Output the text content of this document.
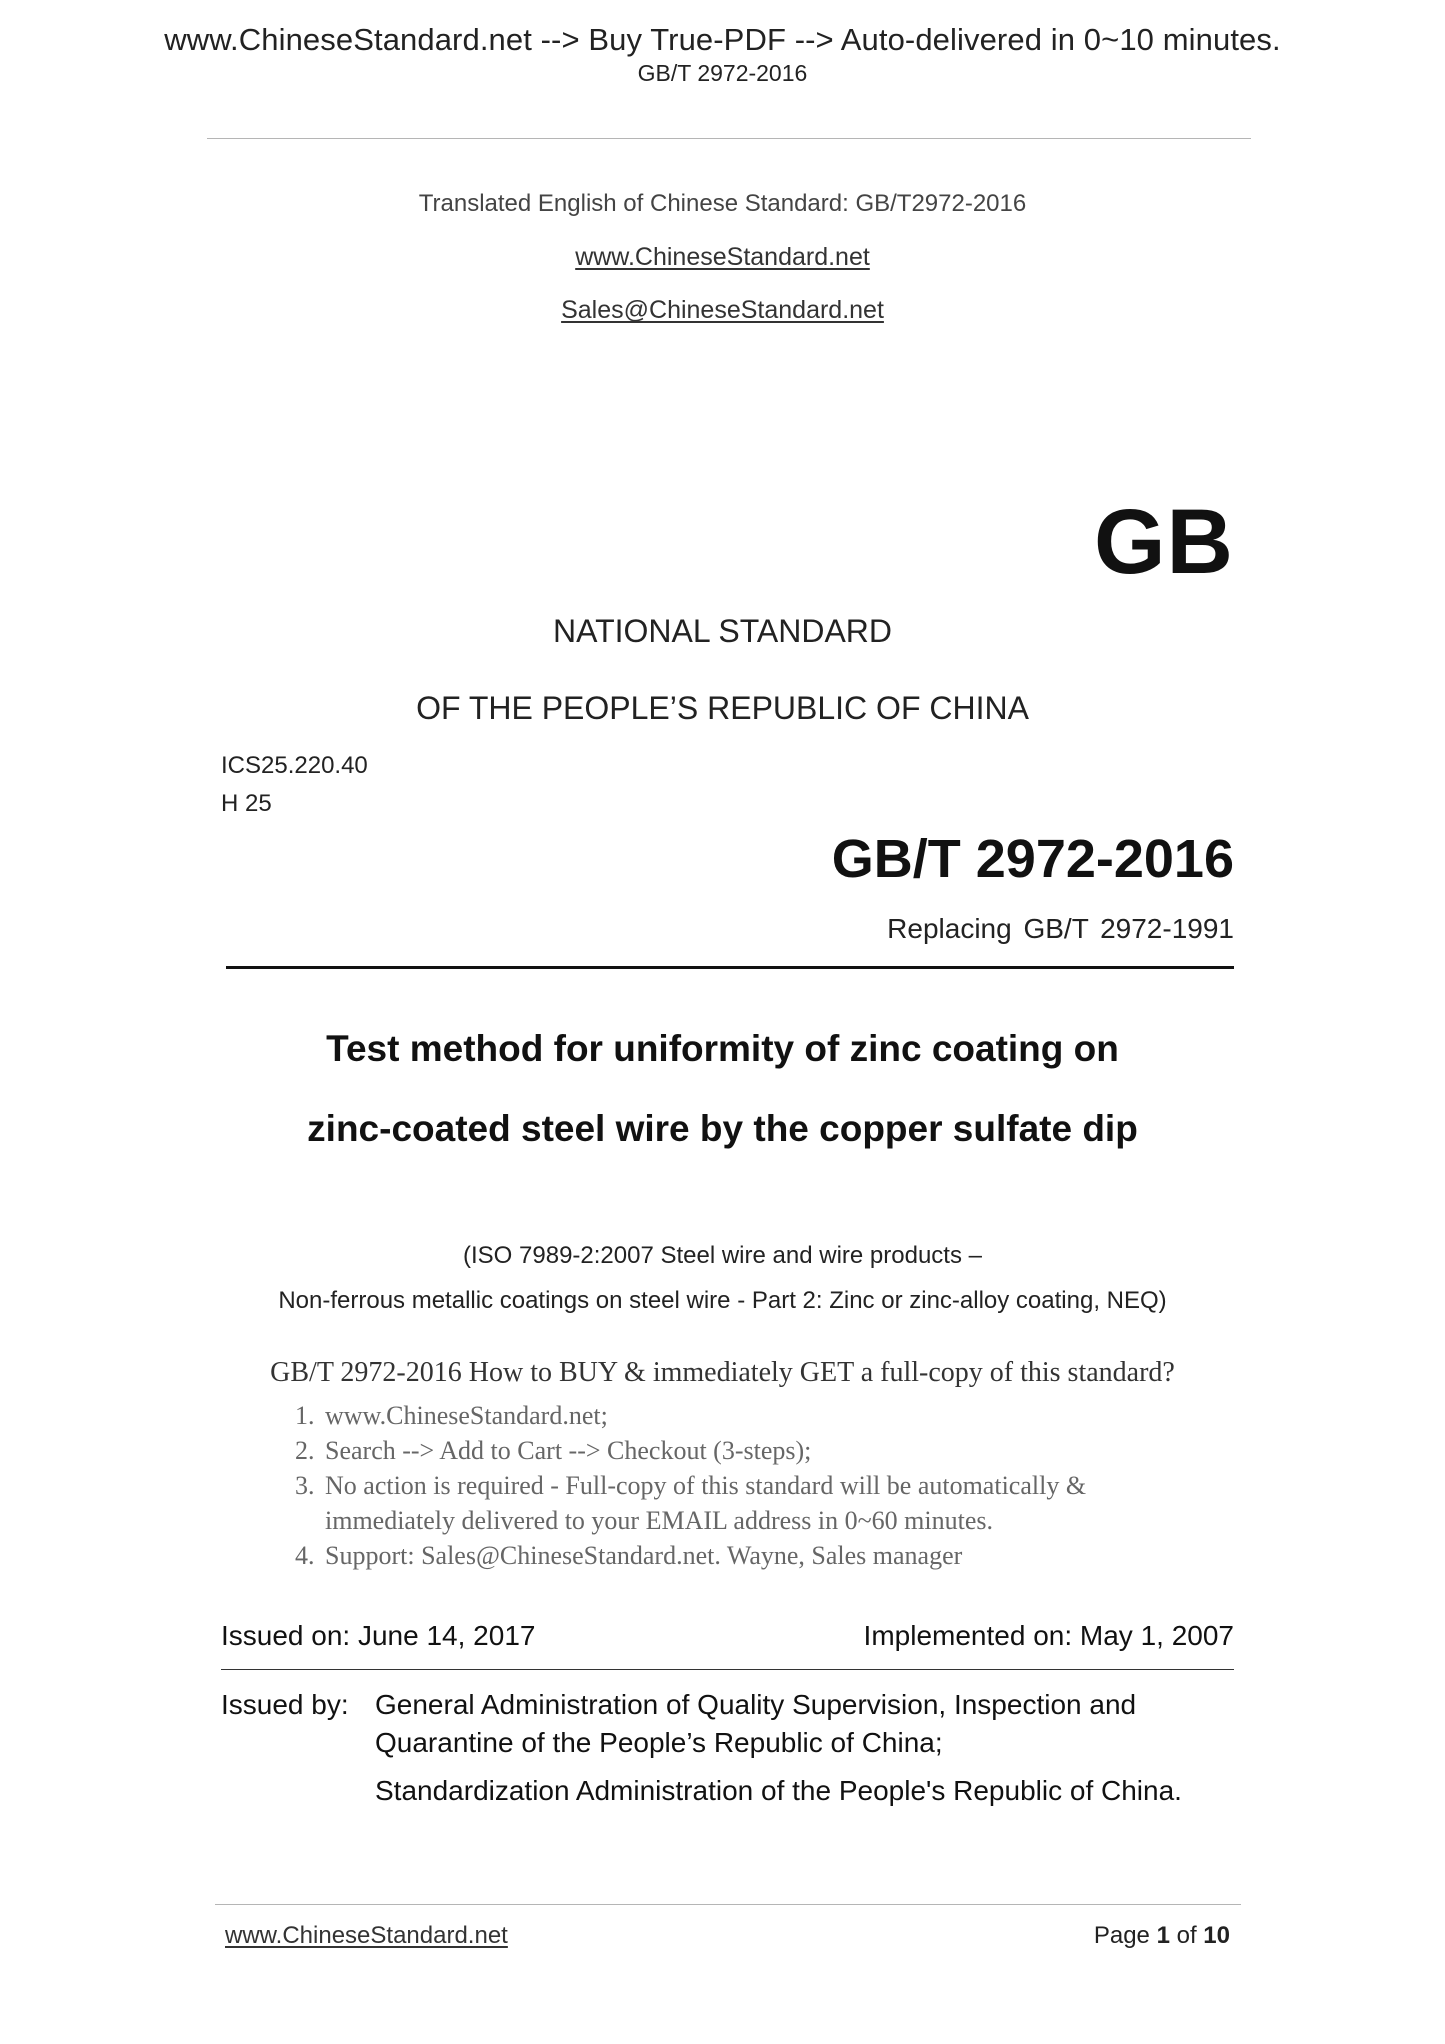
www.ChineseStandard.net --> Buy True-PDF --> Auto-delivered in 0~10 minutes.
GB/T 2972-2016
Translated English of Chinese Standard: GB/T2972-2016
www.ChineseStandard.net
Sales@ChineseStandard.net
GB
NATIONAL STANDARD
OF THE PEOPLE’S REPUBLIC OF CHINA
ICS25.220.40
H 25
GB/T 2972-2016
Replacing GB/T 2972-1991
Test method for uniformity of zinc coating on
zinc-coated steel wire by the copper sulfate dip
(ISO 7989-2:2007 Steel wire and wire products –
Non-ferrous metallic coatings on steel wire - Part 2: Zinc or zinc-alloy coating, NEQ)
GB/T 2972-2016 How to BUY & immediately GET a full-copy of this standard?
1. www.ChineseStandard.net;
2. Search --> Add to Cart --> Checkout (3-steps);
3. No action is required - Full-copy of this standard will be automatically &
immediately delivered to your EMAIL address in 0~60 minutes.
4. Support: Sales@ChineseStandard.net. Wayne, Sales manager
Issued on: June 14, 2017	Implemented on: May 1, 2007
Issued by: General Administration of Quality Supervision, Inspection and
Quarantine of the People’s Republic of China;
Standardization Administration of the People's Republic of China.
www.ChineseStandard.net	Page 1 of 10
